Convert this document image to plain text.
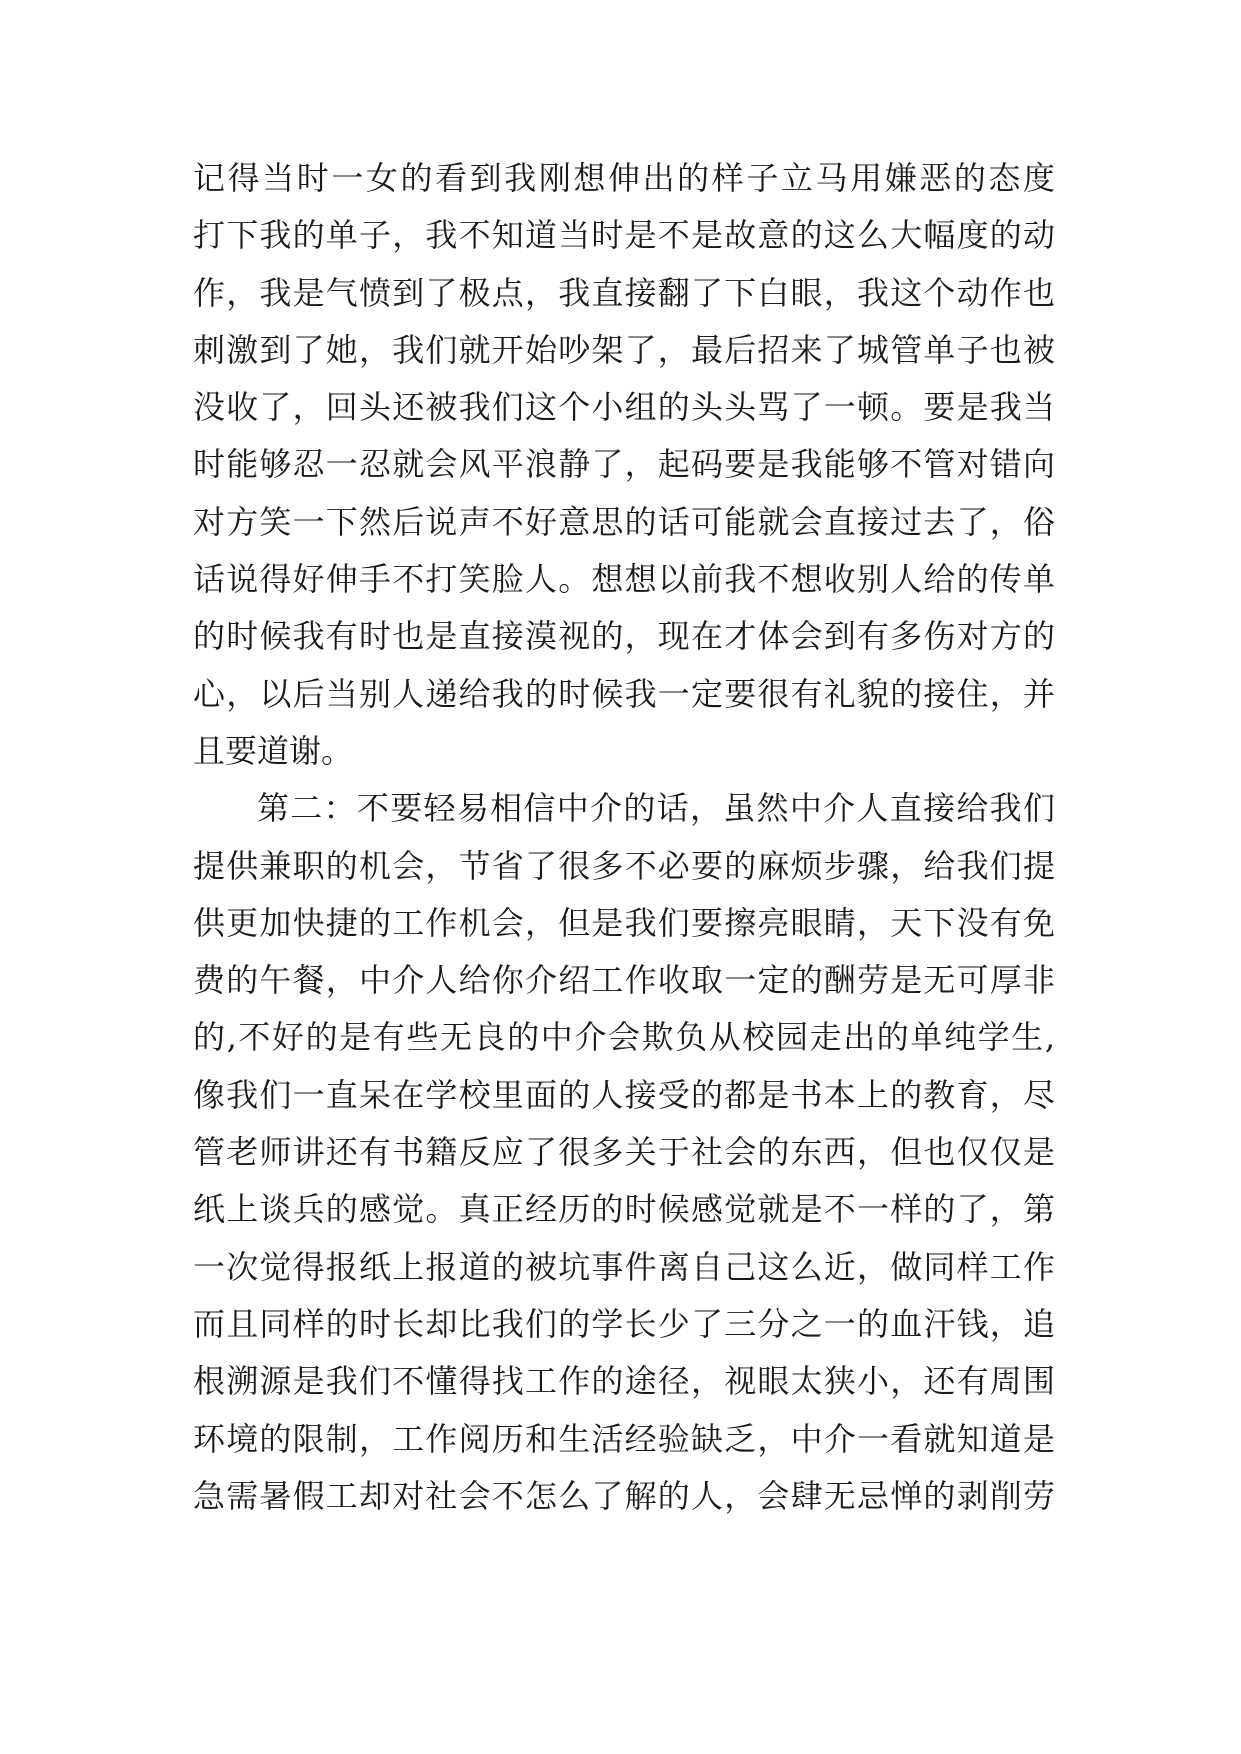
记得当时一女的看到我刚想伸出的样子立马用嫌恶的态度
打下我的单子，我不知道当时是不是故意的这么大幅度的动
作，我是气愤到了极点，我直接翻了下白眼，我这个动作也
刺激到了她，我们就开始吵架了，最后招来了城管单子也被
没收了，回头还被我们这个小组的头头骂了一顿。要是我当
时能够忍一忍就会风平浪静了，起码要是我能够不管对错向
对方笑一下然后说声不好意思的话可能就会直接过去了，俗
话说得好伸手不打笑脸人。想想以前我不想收别人给的传单
的时候我有时也是直接漠视的，现在才体会到有多伤对方的
心，以后当别人递给我的时候我一定要很有礼貌的接住，并
且要道谢。
第二：不要轻易相信中介的话，虽然中介人直接给我们
提供兼职的机会，节省了很多不必要的麻烦步骤，给我们提
供更加快捷的工作机会，但是我们要擦亮眼睛，天下没有免
费的午餐，中介人给你介绍工作收取一定的酬劳是无可厚非
的,不好的是有些无良的中介会欺负从校园走出的单纯学生,
像我们一直呆在学校里面的人接受的都是书本上的教育，尽
管老师讲还有书籍反应了很多关于社会的东西，但也仅仅是
纸上谈兵的感觉。真正经历的时候感觉就是不一样的了，第
一次觉得报纸上报道的被坑事件离自己这么近，做同样工作
而且同样的时长却比我们的学长少了三分之一的血汗钱，追
根溯源是我们不懂得找工作的途径，视眼太狭小，还有周围
环境的限制，工作阅历和生活经验缺乏，中介一看就知道是
急需暑假工却对社会不怎么了解的人，会肆无忌惮的剥削劳
